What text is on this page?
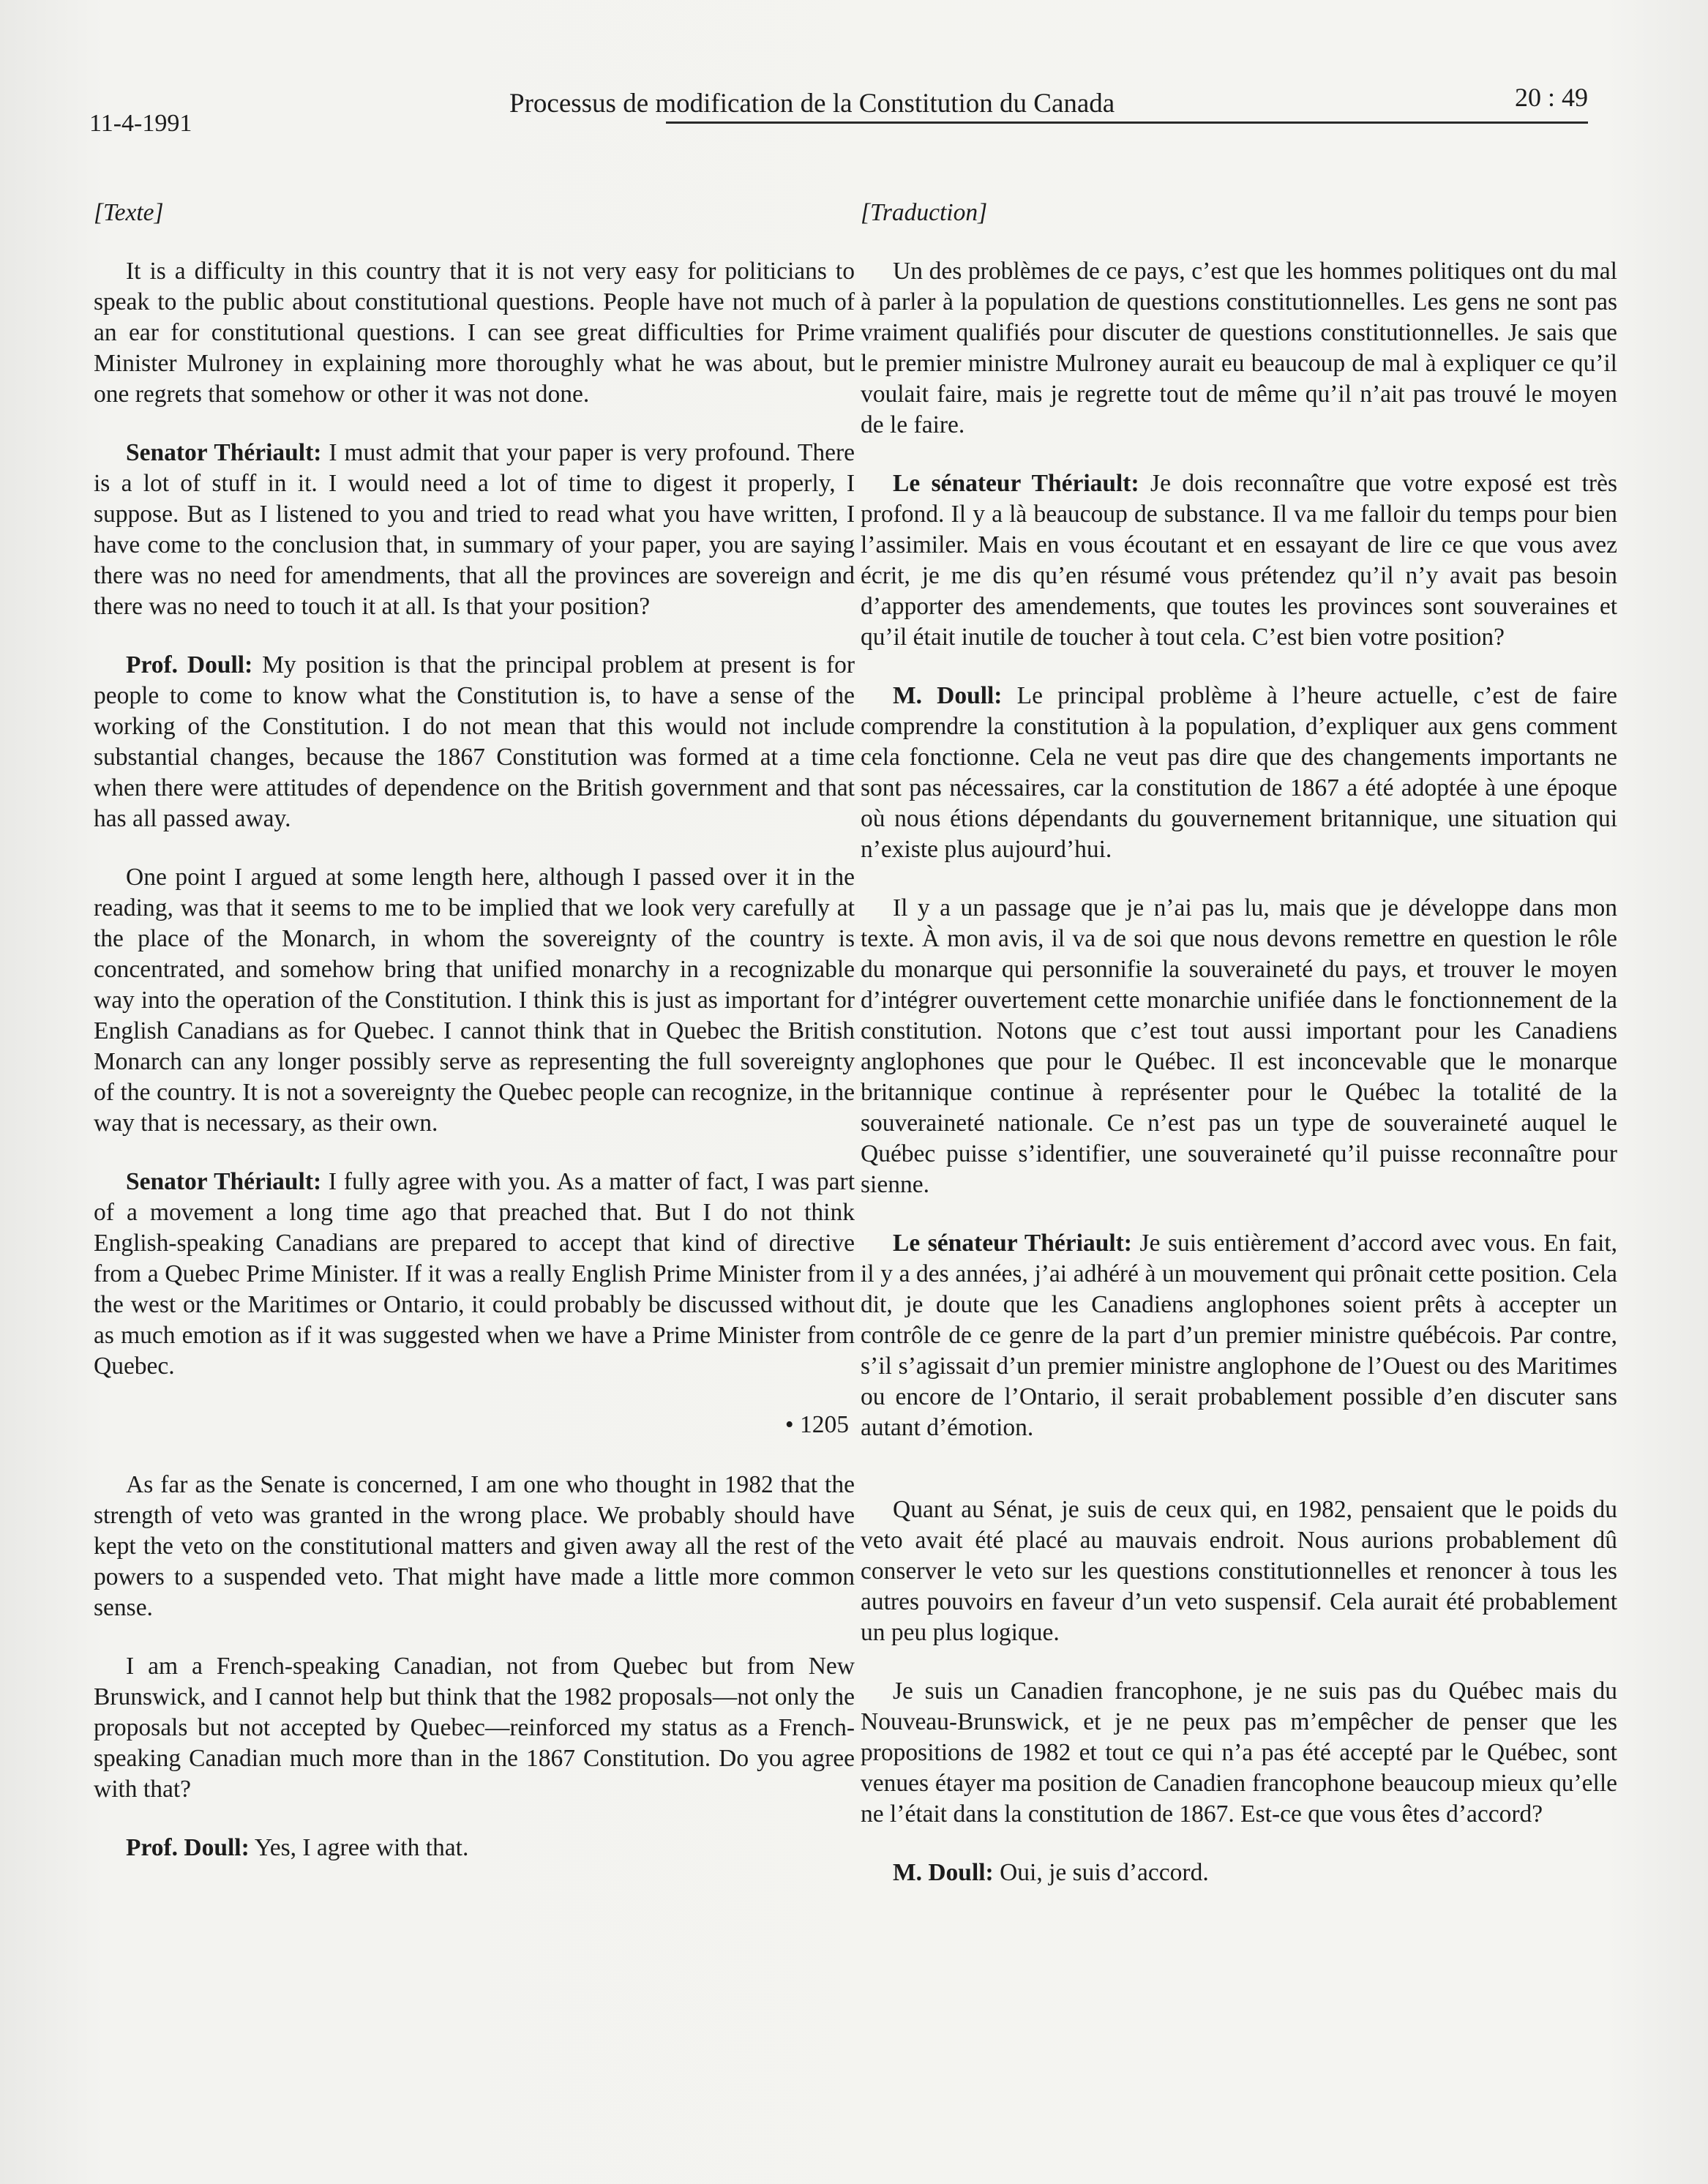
11-4-1991
Processus de modification de la Constitution du Canada	20 : 49
[Texte]

It is a difficulty in this country that it is not very easy for politicians to speak to the public about constitutional questions. People have not much of an ear for constitutional questions. I can see great difficulties for Prime Minister Mulroney in explaining more thoroughly what he was about, but one regrets that somehow or other it was not done.

Senator Thériault: I must admit that your paper is very profound. There is a lot of stuff in it. I would need a lot of time to digest it properly, I suppose. But as I listened to you and tried to read what you have written, I have come to the conclusion that, in summary of your paper, you are saying there was no need for amendments, that all the provinces are sovereign and there was no need to touch it at all. Is that your position?

Prof. Doull: My position is that the principal problem at present is for people to come to know what the Constitution is, to have a sense of the working of the Constitution. I do not mean that this would not include substantial changes, because the 1867 Constitution was formed at a time when there were attitudes of dependence on the British government and that has all passed away.

One point I argued at some length here, although I passed over it in the reading, was that it seems to me to be implied that we look very carefully at the place of the Monarch, in whom the sovereignty of the country is concentrated, and somehow bring that unified monarchy in a recognizable way into the operation of the Constitution. I think this is just as important for English Canadians as for Quebec. I cannot think that in Quebec the British Monarch can any longer possibly serve as representing the full sovereignty of the country. It is not a sovereignty the Quebec people can recognize, in the way that is necessary, as their own.

Senator Thériault: I fully agree with you. As a matter of fact, I was part of a movement a long time ago that preached that. But I do not think English-speaking Canadians are prepared to accept that kind of directive from a Quebec Prime Minister. If it was a really English Prime Minister from the west or the Maritimes or Ontario, it could probably be discussed without as much emotion as if it was suggested when we have a Prime Minister from Quebec.

• 1205

As far as the Senate is concerned, I am one who thought in 1982 that the strength of veto was granted in the wrong place. We probably should have kept the veto on the constitutional matters and given away all the rest of the powers to a suspended veto. That might have made a little more common sense.

I am a French-speaking Canadian, not from Quebec but from New Brunswick, and I cannot help but think that the 1982 proposals—not only the proposals but not accepted by Quebec—reinforced my status as a French-speaking Canadian much more than in the 1867 Constitution. Do you agree with that?

Prof. Doull: Yes, I agree with that.

[Traduction]

Un des problèmes de ce pays, c’est que les hommes politiques ont du mal à parler à la population de questions constitutionnelles. Les gens ne sont pas vraiment qualifiés pour discuter de questions constitutionnelles. Je sais que le premier ministre Mulroney aurait eu beaucoup de mal à expliquer ce qu’il voulait faire, mais je regrette tout de même qu’il n’ait pas trouvé le moyen de le faire.

Le sénateur Thériault: Je dois reconnaître que votre exposé est très profond. Il y a là beaucoup de substance. Il va me falloir du temps pour bien l’assimiler. Mais en vous écoutant et en essayant de lire ce que vous avez écrit, je me dis qu’en résumé vous prétendez qu’il n’y avait pas besoin d’apporter des amendements, que toutes les provinces sont souveraines et qu’il était inutile de toucher à tout cela. C’est bien votre position?

M. Doull: Le principal problème à l’heure actuelle, c’est de faire comprendre la constitution à la population, d’expliquer aux gens comment cela fonctionne. Cela ne veut pas dire que des changements importants ne sont pas nécessaires, car la constitution de 1867 a été adoptée à une époque où nous étions dépendants du gouvernement britannique, une situation qui n’existe plus aujourd’hui.

Il y a un passage que je n’ai pas lu, mais que je développe dans mon texte. À mon avis, il va de soi que nous devons remettre en question le rôle du monarque qui personnifie la souveraineté du pays, et trouver le moyen d’intégrer ouvertement cette monarchie unifiée dans le fonctionnement de la constitution. Notons que c’est tout aussi important pour les Canadiens anglophones que pour le Québec. Il est inconcevable que le monarque britannique continue à représenter pour le Québec la totalité de la souveraineté nationale. Ce n’est pas un type de souveraineté auquel le Québec puisse s’identifier, une souveraineté qu’il puisse reconnaître pour sienne.

Le sénateur Thériault: Je suis entièrement d’accord avec vous. En fait, il y a des années, j’ai adhéré à un mouvement qui prônait cette position. Cela dit, je doute que les Canadiens anglophones soient prêts à accepter un contrôle de ce genre de la part d’un premier ministre québécois. Par contre, s’il s’agissait d’un premier ministre anglophone de l’Ouest ou des Maritimes ou encore de l’Ontario, il serait probablement possible d’en discuter sans autant d’émotion.

Quant au Sénat, je suis de ceux qui, en 1982, pensaient que le poids du veto avait été placé au mauvais endroit. Nous aurions probablement dû conserver le veto sur les questions constitutionnelles et renoncer à tous les autres pouvoirs en faveur d’un veto suspensif. Cela aurait été probablement un peu plus logique.

Je suis un Canadien francophone, je ne suis pas du Québec mais du Nouveau-Brunswick, et je ne peux pas m’empêcher de penser que les propositions de 1982 et tout ce qui n’a pas été accepté par le Québec, sont venues étayer ma position de Canadien francophone beaucoup mieux qu’elle ne l’était dans la constitution de 1867. Est-ce que vous êtes d’accord?

M. Doull: Oui, je suis d’accord.
